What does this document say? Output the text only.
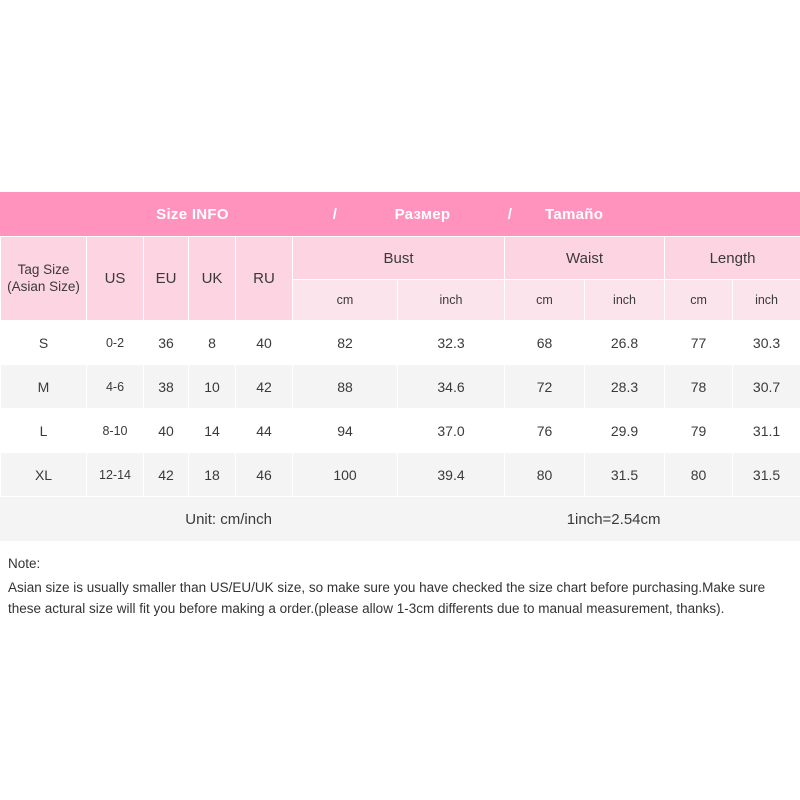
Size INFO	/	Размер	/	Tamaño
Tag Size
(Asian Size)	US	EU	UK	RU	Bust		Waist		Length	
					cm	inch	cm	inch	cm	inch
S	0-2	36	8	40	82	32.3	68	26.8	77	30.3
M	4-6	38	10	42	88	34.6	72	28.3	78	30.7
L	8-10	40	14	44	94	37.0	76	29.9	79	31.1
XL	12-14	42	18	46	100	39.4	80	31.5	80	31.5
Unit: cm/inch	1inch=2.54cm
Note:
Asian size is usually smaller than US/EU/UK size, so make sure you have checked the size chart before purchasing.Make sure these actural size will fit you before making a order.(please allow 1-3cm differents due to manual measurement, thanks).
